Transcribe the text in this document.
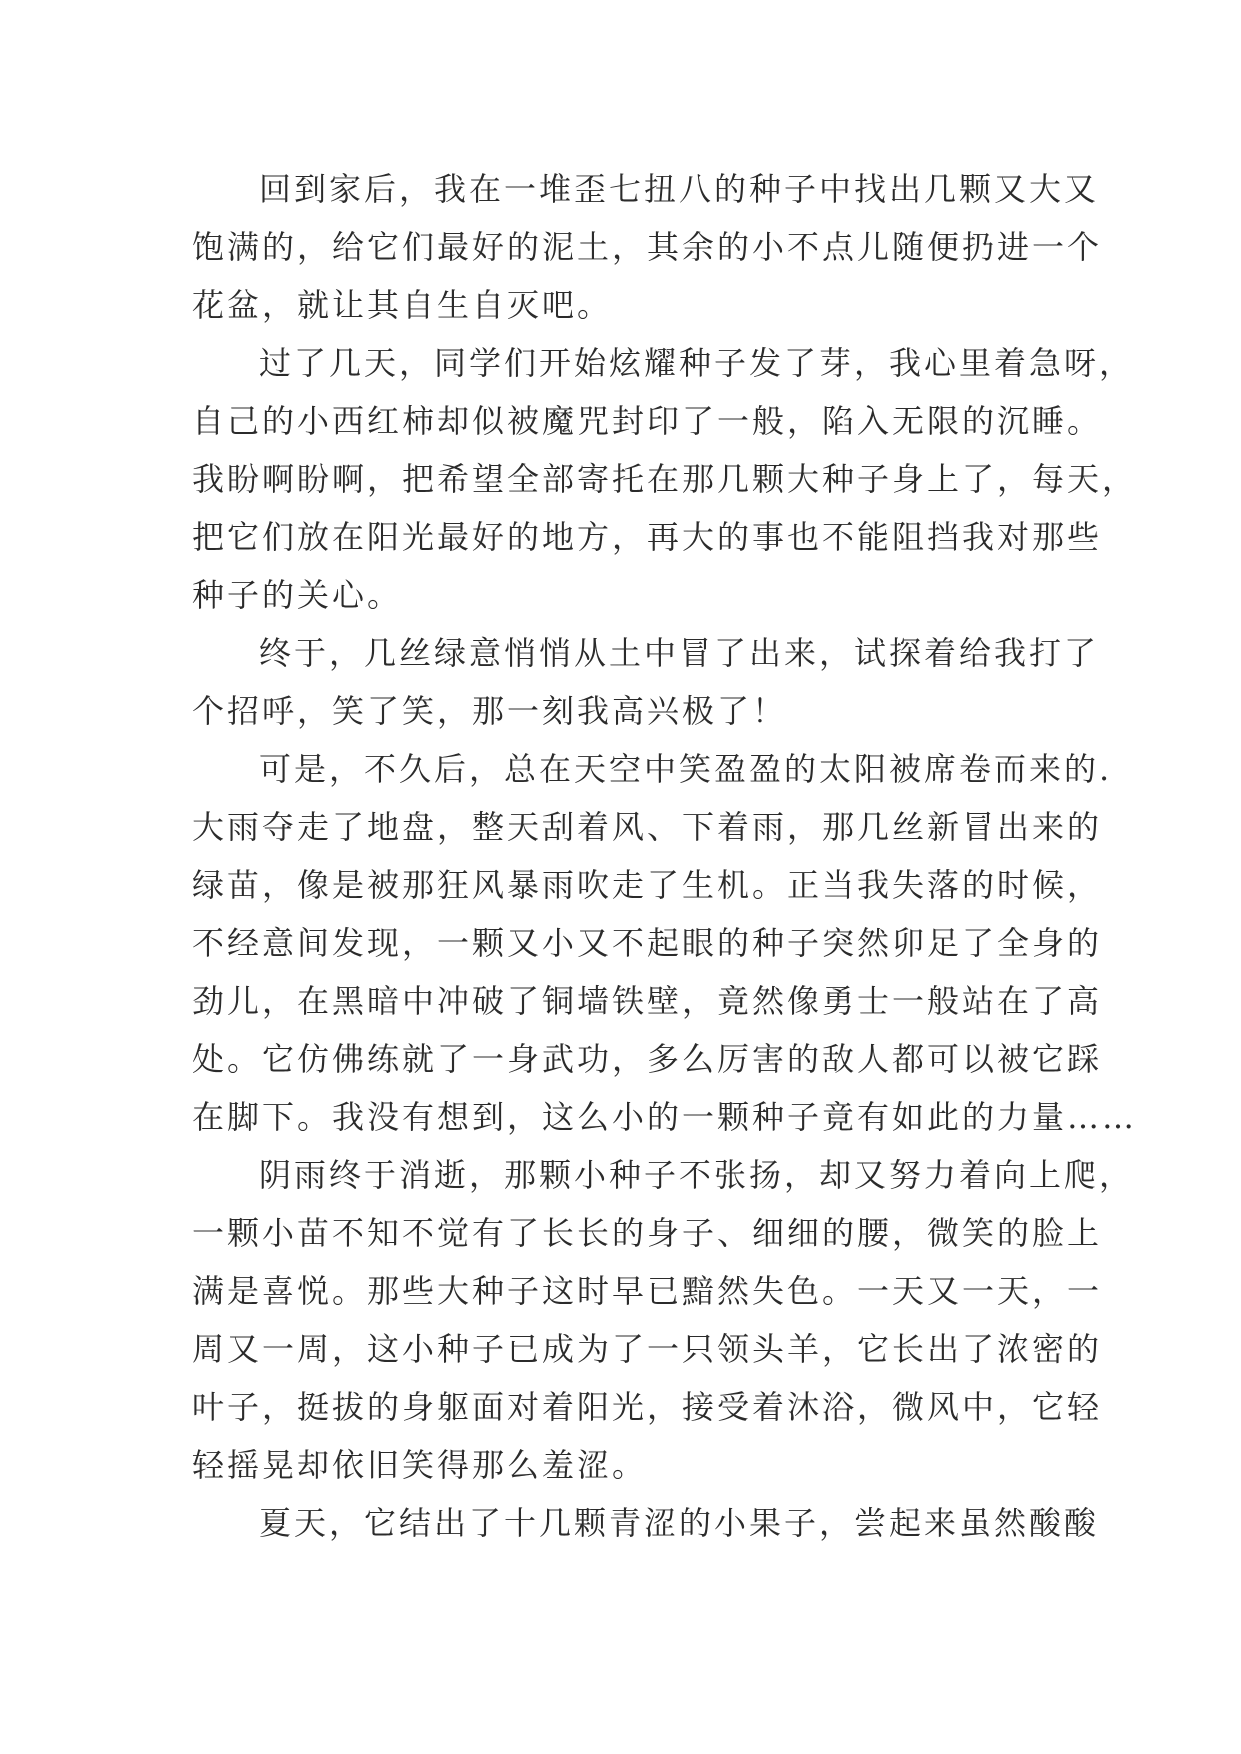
回到家后，我在一堆歪七扭八的种子中找出几颗又大又
饱满的，给它们最好的泥土，其余的小不点儿随便扔进一个
花盆，就让其自生自灭吧。
过了几天，同学们开始炫耀种子发了芽，我心里着急呀，
自己的小西红柿却似被魔咒封印了一般，陷入无限的沉睡。
我盼啊盼啊，把希望全部寄托在那几颗大种子身上了，每天，
把它们放在阳光最好的地方，再大的事也不能阻挡我对那些
种子的关心。
终于，几丝绿意悄悄从土中冒了出来，试探着给我打了
个招呼，笑了笑，那一刻我高兴极了！
可是，不久后，总在天空中笑盈盈的太阳被席卷而来的.
大雨夺走了地盘，整天刮着风、下着雨，那几丝新冒出来的
绿苗，像是被那狂风暴雨吹走了生机。正当我失落的时候，
不经意间发现，一颗又小又不起眼的种子突然卯足了全身的
劲儿，在黑暗中冲破了铜墙铁壁，竟然像勇士一般站在了高
处。它仿佛练就了一身武功，多么厉害的敌人都可以被它踩
在脚下。我没有想到，这么小的一颗种子竟有如此的力量……
阴雨终于消逝，那颗小种子不张扬，却又努力着向上爬，
一颗小苗不知不觉有了长长的身子、细细的腰，微笑的脸上
满是喜悦。那些大种子这时早已黯然失色。一天又一天，一
周又一周，这小种子已成为了一只领头羊，它长出了浓密的
叶子，挺拔的身躯面对着阳光，接受着沐浴，微风中，它轻
轻摇晃却依旧笑得那么羞涩。
夏天，它结出了十几颗青涩的小果子，尝起来虽然酸酸
